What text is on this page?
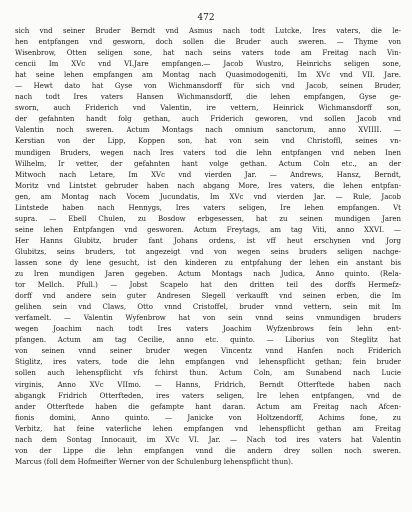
472
sich vnd seiner Bruder Berndt vnd Asmus nach todt Lutcke, Ires vaters, die le-
hen entpfangen vnd gesworn, doch sollen die Bruder auch sweren. — Thyme von
Wisenbrow, Otten seligen sone, hat nach seins vaters tode am Freitag nach Vin-
cencii Im XVc vnd VI.Jare empfangen.— Jacob Wustro, Heinrichs seligen sone,
hat seine lehen empfangen am Montag nach Quasimodogeniti, Im XVc vnd VII. Jare.
— Hewt dato hat Gyse von Wichmansdorff für sich vnd Jacob, seinen Bruder,
nach todt Ires vaters Hansen Wichmansdorff, die lehen empfangen, Gyse ge-
sworn, auch Friderich vnd Valentin, ire vettern, Heinrick Wichmansdorff son,
der gefahnten handt folg gethan, auch Friderich geworen, vnd sollen Jacob vnd
Valentin noch sweren. Actum Montags nach omnium sanctorum, anno XVIIII. —
Kerstian von der Lipp, Koppen son, hat von sein vnd Christoffl, seines vn-
mundigen Bruders, wegen nach Ires vaters tod die lehn entpfangen vnd neben Inen
Wilhelm, Ir vetter, der gefahnten hant volge gethan. Actum Coln etc., an der
Mitwoch nach Letare, Im XVc vnd vierden Jar. — Andrews, Hansz, Berndt,
Moritz vnd Lintstet gebruder haben nach abgang More, Ires vaters, die lehen entpfan-
gen, am Montag nach Vocem Jucundatis, Im XVc vnd vierden Jar. — Rule, Jacob
Lintstede haben nach Hennygs, Ires vaters seligen, Ire lehen empfangen. Vt
supra. — Ebell Chulen, zu Bosdow erbgesessen, hat zu seinen mundigen Jaren
seine lehen Entpfangen vnd gesworen. Actum Freytags, am tag Viti, anno XXVI. —
Her Hanns Glubitz, bruder fant Johans ordens, ist vff heut erschynen vnd Jorg
Glubitzs, seins bruders, tot angezeigt vnd von wegen seins bruders seligen nachge-
lassen sone dy lene gesucht, ist den kinderen zu entpfahung der lehen ein anstant bis
zu Iren mundigen Jaren gegeben. Actum Montags nach Judica, Anno quinto. (Rela-
tor Mellch. Pfull.) — Jobst Scapelo hat den dritten teil des dorffs Hermefz-
dorff vnd andere sein guter Andresen Slegell verkaufft vnd seinen erben, die Im
gelihen sein vnd Claws, Otto vnnd Cristoffel, bruder vnnd vettern, sein mit Im
verfamelt. — Valentin Wyfenbrow hat von sein vnnd seins vnmundigen bruders
wegen Joachim nach todt Ires vaters Joachim Wyfzenbrows fein lehn ent-
pfangen. Actum am tag Cecilie, anno etc. quinto. — Liborius von Steglitz hat
von seinen vnnd seiner bruder wegen Vincentz vnnd Hanfen noch Friderich
Stiglitz, ires vaters, tode die lehn empfangen vnd lehenspflicht gethan; fein bruder
sollen auch lehenspflicht vfs fchirst thun. Actum Coln, am Sunabend nach Lucie
virginis, Anno XVc VIImo. — Hanns, Fridrich, Berndt Otterftede haben nach
abgangk Fridrich Otterfteden, ires vaters seligen, Ire lehen entpfangen, vnd de
ander Otterftede haben die gefampte hant daran. Actum am Freitag nach Afcen-
fionis domini, Anno quinto. — Janicke von Holtzendorff, Achims fone, zu
Verbitz, hat feine vaterliche lehen empfangen vnd lehenspflicht gethan am Freitag
nach dem Sontag Innocauit, im XVc VI. Jar. — Nach tod ires vaters hat Valentin
von der Lippe die lehn empfangen vnnd die andern drey sollen noch sweren.
Marcus (foll dem Hofmeifter Werner von der Schulenburg lehenspflicht thun).
